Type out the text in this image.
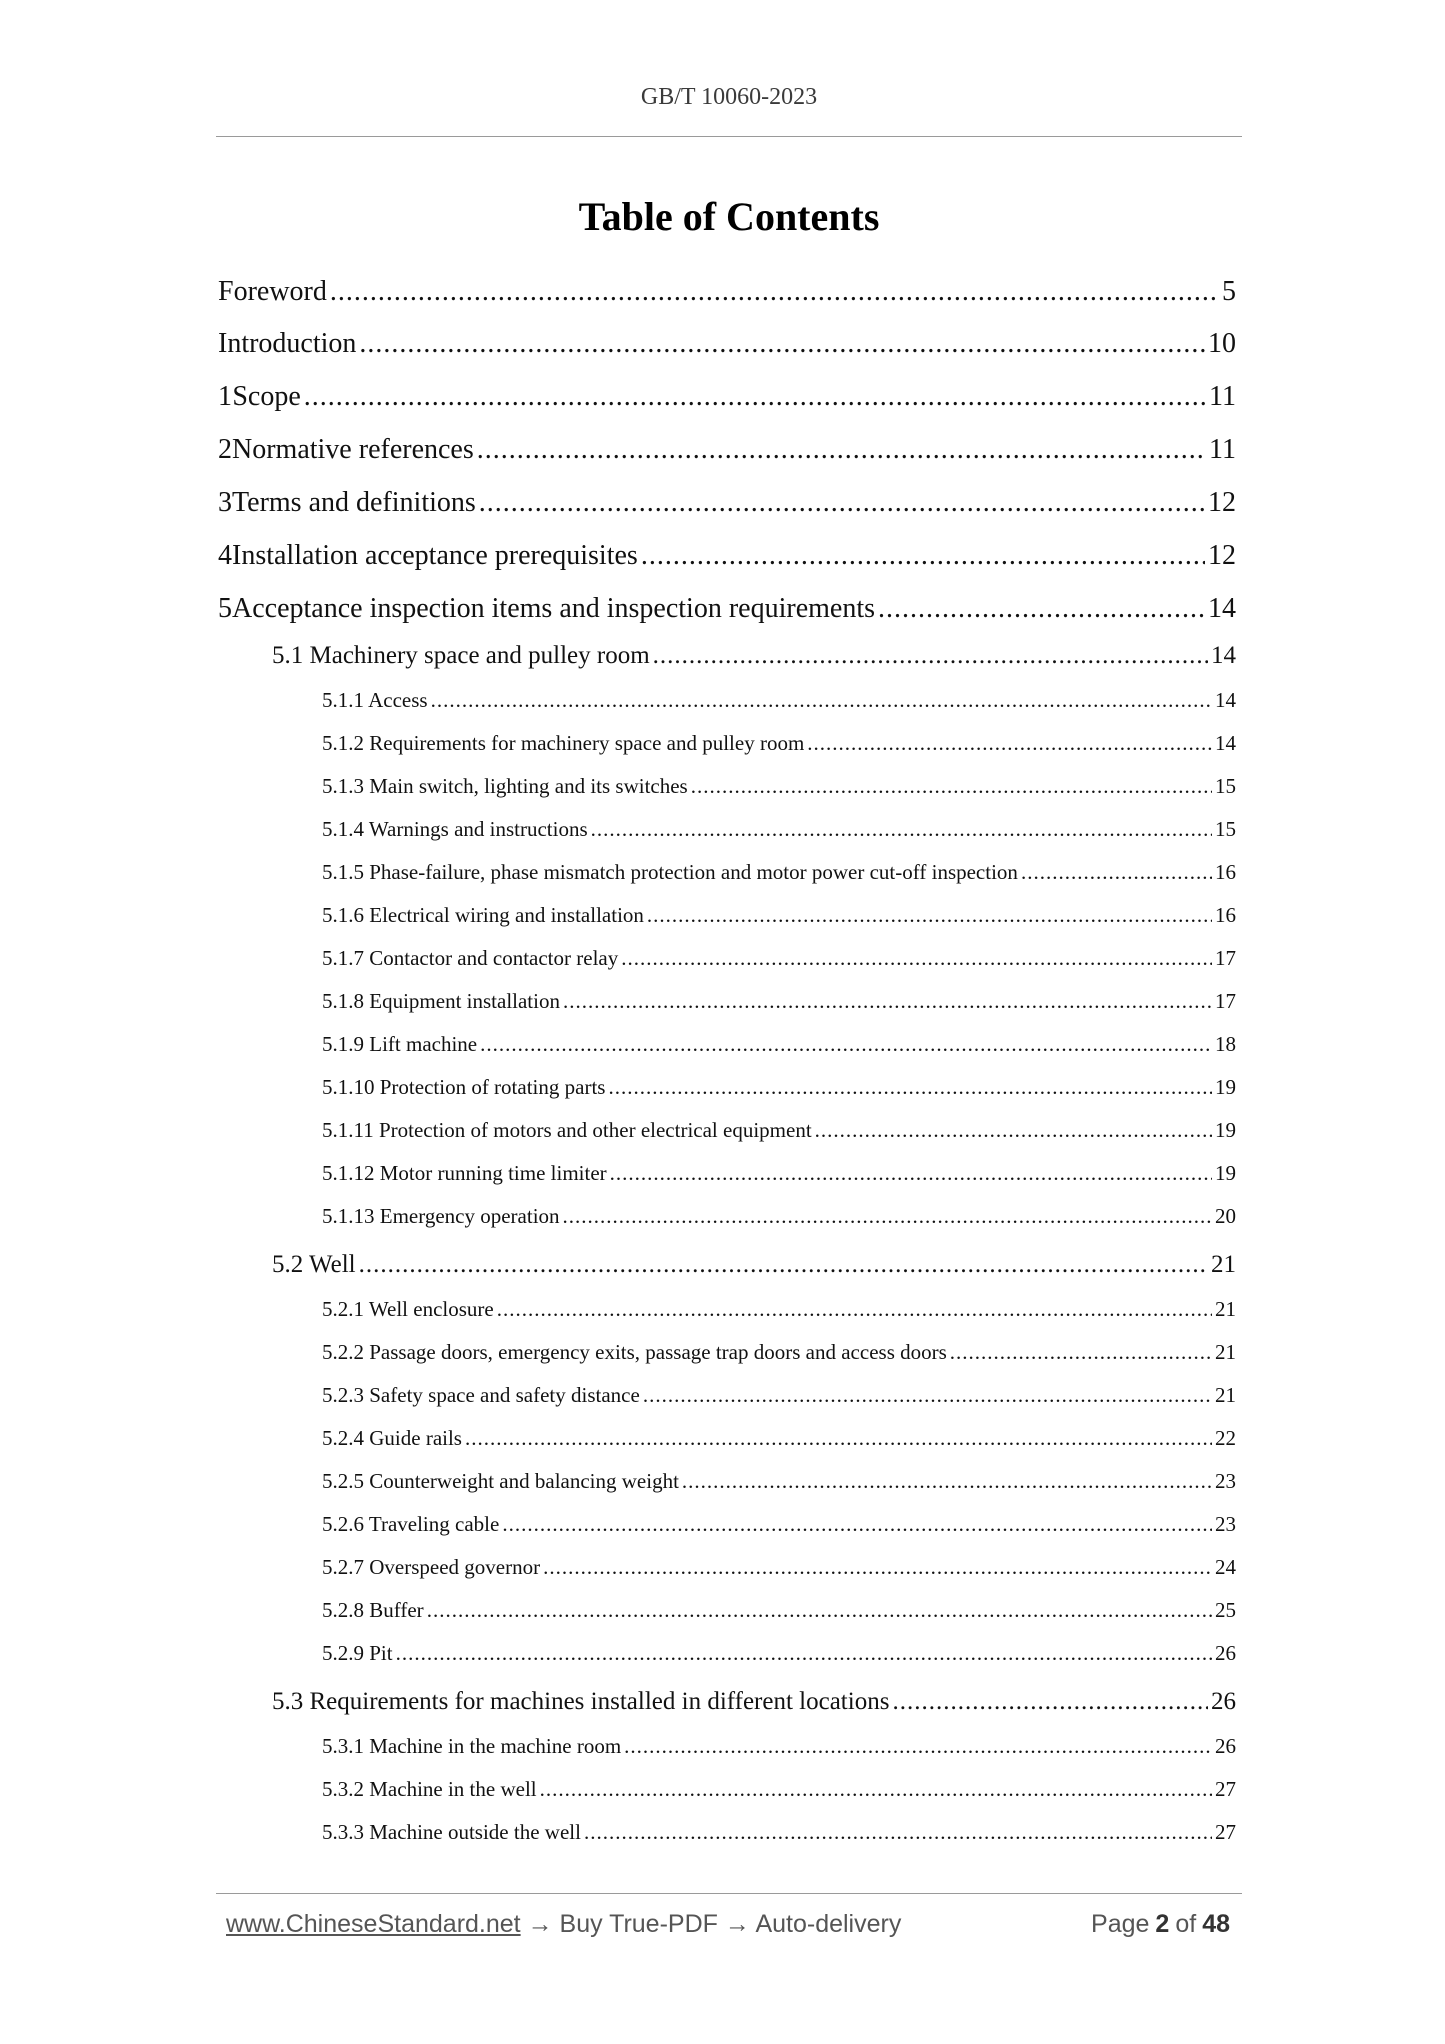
GB/T 10060-2023
Table of Contents
Foreword .....	5
Introduction .....	10
1 Scope .....	11
2 Normative references .....	11
3 Terms and definitions .....	12
4 Installation acceptance prerequisites .....	12
5 Acceptance inspection items and inspection requirements .....	14
5.1 Machinery space and pulley room .....	14
5.1.1 Access .....	14
5.1.2 Requirements for machinery space and pulley room .....	14
5.1.3 Main switch, lighting and its switches .....	15
5.1.4 Warnings and instructions .....	15
5.1.5 Phase-failure, phase mismatch protection and motor power cut-off inspection .....	16
5.1.6 Electrical wiring and installation .....	16
5.1.7 Contactor and contactor relay .....	17
5.1.8 Equipment installation .....	17
5.1.9 Lift machine .....	18
5.1.10 Protection of rotating parts .....	19
5.1.11 Protection of motors and other electrical equipment .....	19
5.1.12 Motor running time limiter .....	19
5.1.13 Emergency operation .....	20
5.2 Well .....	21
5.2.1 Well enclosure .....	21
5.2.2 Passage doors, emergency exits, passage trap doors and access doors .....	21
5.2.3 Safety space and safety distance .....	21
5.2.4 Guide rails .....	22
5.2.5 Counterweight and balancing weight .....	23
5.2.6 Traveling cable .....	23
5.2.7 Overspeed governor .....	24
5.2.8 Buffer .....	25
5.2.9 Pit .....	26
5.3 Requirements for machines installed in different locations .....	26
5.3.1 Machine in the machine room .....	26
5.3.2 Machine in the well .....	27
5.3.3 Machine outside the well .....	27
www.ChineseStandard.net → Buy True-PDF → Auto-delivery	Page 2 of 48
